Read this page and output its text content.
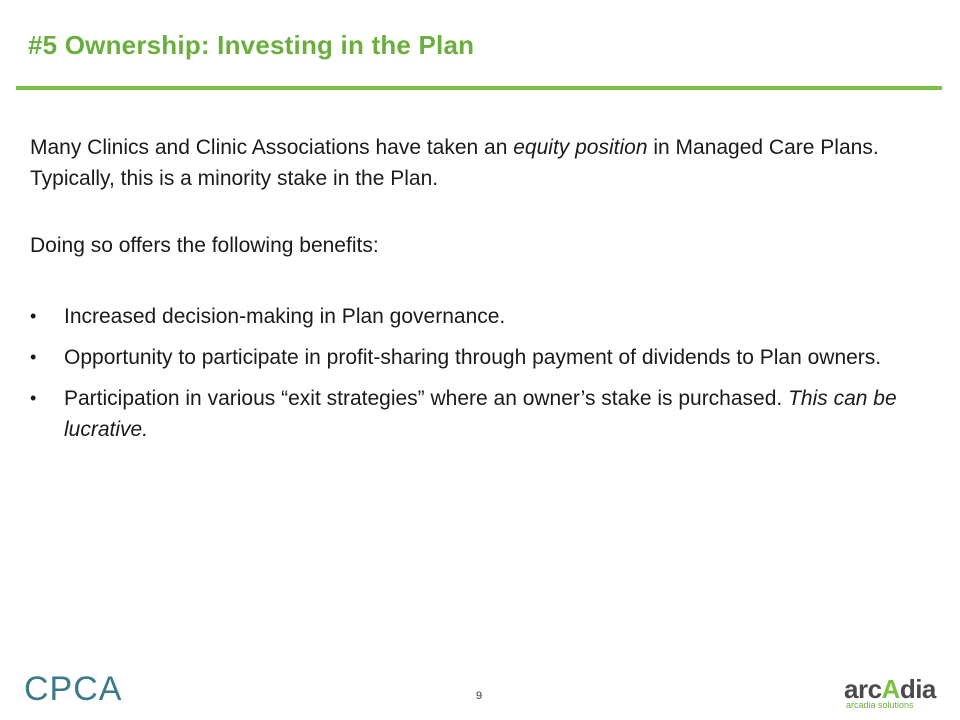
#5 Ownership: Investing in the Plan

Many Clinics and Clinic Associations have taken an equity position in Managed Care Plans. Typically, this is a minority stake in the Plan.

Doing so offers the following benefits:

• Increased decision-making in Plan governance.
• Opportunity to participate in profit-sharing through payment of dividends to Plan owners.
• Participation in various “exit strategies” where an owner’s stake is purchased. This can be lucrative.
CPCA	9	arcAdia
arcadia solutions
